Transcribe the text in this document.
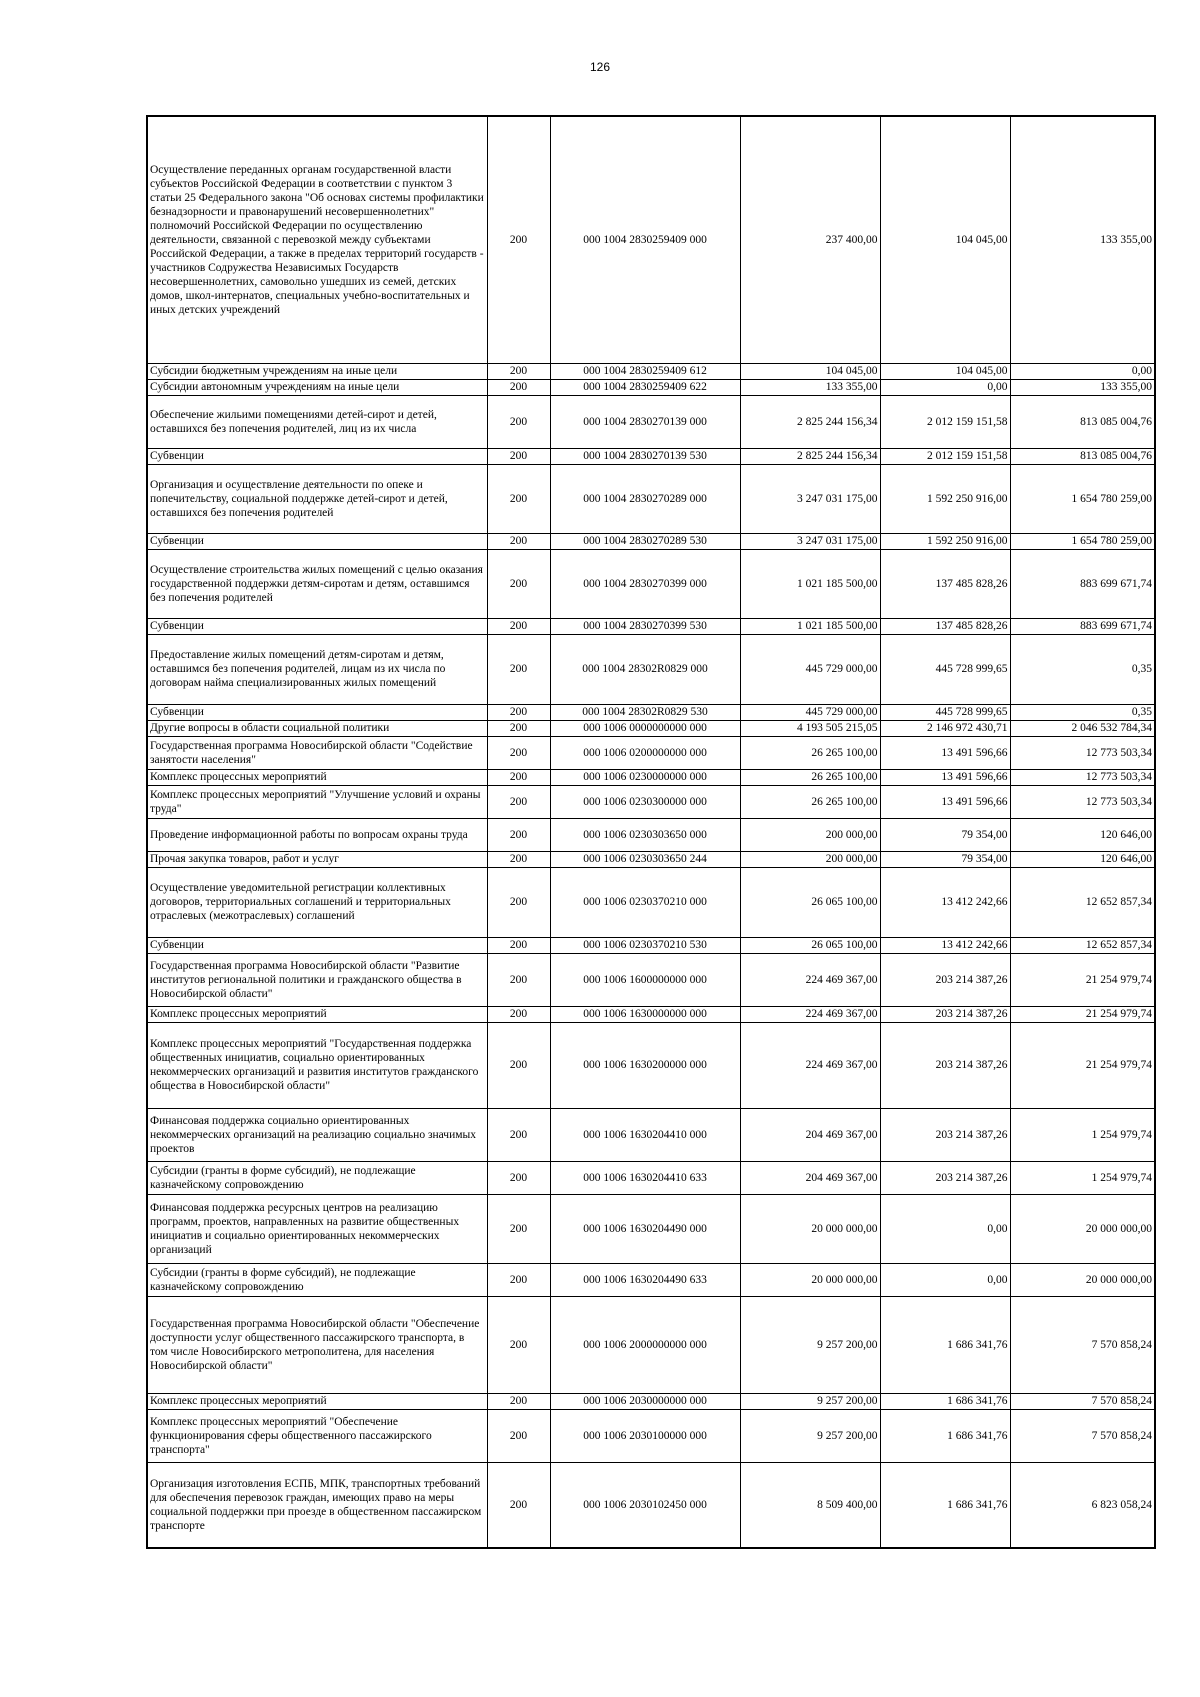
126
Осуществление переданных органам государственной власти субъектов Российской Федерации в соответствии с пунктом 3 статьи 25 Федерального закона "Об основах системы профилактики безнадзорности и правонарушений несовершеннолетних" полномочий Российской Федерации по осуществлению деятельности, связанной с перевозкой между субъектами Российской Федерации, а также в пределах территорий государств - участников Содружества Независимых Государств несовершеннолетних, самовольно ушедших из семей, детских домов, школ-интернатов, специальных учебно-воспитательных и иных детских учреждений	200	000 1004 2830259409 000	237 400,00	104 045,00	133 355,00
Субсидии бюджетным учреждениям на иные цели	200	000 1004 2830259409 612	104 045,00	104 045,00	0,00
Субсидии автономным учреждениям на иные цели	200	000 1004 2830259409 622	133 355,00	0,00	133 355,00
Обеспечение жильими помещениями детей-сирот и детей, оставшихся без попечения родителей, лиц из их числа	200	000 1004 2830270139 000	2 825 244 156,34	2 012 159 151,58	813 085 004,76
Субвенции	200	000 1004 2830270139 530	2 825 244 156,34	2 012 159 151,58	813 085 004,76
Организация и осуществление деятельности по опеке и попечительству, социальной поддержке детей-сирот и детей, оставшихся без попечения родителей	200	000 1004 2830270289 000	3 247 031 175,00	1 592 250 916,00	1 654 780 259,00
Субвенции	200	000 1004 2830270289 530	3 247 031 175,00	1 592 250 916,00	1 654 780 259,00
Осуществление строительства жилых помещений с целью оказания государственной поддержки детям-сиротам и детям, оставшимся без попечения родителей	200	000 1004 2830270399 000	1 021 185 500,00	137 485 828,26	883 699 671,74
Субвенции	200	000 1004 2830270399 530	1 021 185 500,00	137 485 828,26	883 699 671,74
Предоставление жилых помещений детям-сиротам и детям, оставшимся без попечения родителей, лицам из их числа по договорам найма специализированных жилых помещений	200	000 1004 28302R0829 000	445 729 000,00	445 728 999,65	0,35
Субвенции	200	000 1004 28302R0829 530	445 729 000,00	445 728 999,65	0,35
Другие вопросы в области социальной политики	200	000 1006 0000000000 000	4 193 505 215,05	2 146 972 430,71	2 046 532 784,34
Государственная программа Новосибирской области "Содействие занятости населения"	200	000 1006 0200000000 000	26 265 100,00	13 491 596,66	12 773 503,34
Комплекс процессных мероприятий	200	000 1006 0230000000 000	26 265 100,00	13 491 596,66	12 773 503,34
Комплекс процессных мероприятий "Улучшение условий и охраны труда"	200	000 1006 0230300000 000	26 265 100,00	13 491 596,66	12 773 503,34
Проведение информационной работы по вопросам охраны труда	200	000 1006 0230303650 000	200 000,00	79 354,00	120 646,00
Прочая закупка товаров, работ и услуг	200	000 1006 0230303650 244	200 000,00	79 354,00	120 646,00
Осуществление уведомительной регистрации коллективных договоров, территориальных соглашений и территориальных отраслевых (межотраслевых) соглашений	200	000 1006 0230370210 000	26 065 100,00	13 412 242,66	12 652 857,34
Субвенции	200	000 1006 0230370210 530	26 065 100,00	13 412 242,66	12 652 857,34
Государственная программа Новосибирской области "Развитие институтов региональной политики и гражданского общества в Новосибирской области"	200	000 1006 1600000000 000	224 469 367,00	203 214 387,26	21 254 979,74
Комплекс процессных мероприятий	200	000 1006 1630000000 000	224 469 367,00	203 214 387,26	21 254 979,74
Комплекс процессных мероприятий "Государственная поддержка общественных инициатив, социально ориентированных некоммерческих организаций и развития институтов гражданского общества в Новосибирской области"	200	000 1006 1630200000 000	224 469 367,00	203 214 387,26	21 254 979,74
Финансовая поддержка социально ориентированных некоммерческих организаций на реализацию социально значимых проектов	200	000 1006 1630204410 000	204 469 367,00	203 214 387,26	1 254 979,74
Субсидии (гранты в форме субсидий), не подлежащие казначейскому сопровождению	200	000 1006 1630204410 633	204 469 367,00	203 214 387,26	1 254 979,74
Финансовая поддержка ресурсных центров на реализацию программ, проектов, направленных на развитие общественных инициатив и социально ориентированных некоммерческих организаций	200	000 1006 1630204490 000	20 000 000,00	0,00	20 000 000,00
Субсидии (гранты в форме субсидий), не подлежащие казначейскому сопровождению	200	000 1006 1630204490 633	20 000 000,00	0,00	20 000 000,00
Государственная программа Новосибирской области "Обеспечение доступности услуг общественного пассажирского транспорта, в том числе Новосибирского метрополитена, для населения Новосибирской области"	200	000 1006 2000000000 000	9 257 200,00	1 686 341,76	7 570 858,24
Комплекс процессных мероприятий	200	000 1006 2030000000 000	9 257 200,00	1 686 341,76	7 570 858,24
Комплекс процессных мероприятий "Обеспечение функционирования сферы общественного пассажирского транспорта"	200	000 1006 2030100000 000	9 257 200,00	1 686 341,76	7 570 858,24
Организация изготовления ЕСПБ, МПК, транспортных требований для обеспечения перевозок граждан, имеющих право на меры социальной поддержки при проезде в общественном пассажирском транспорте	200	000 1006 2030102450 000	8 509 400,00	1 686 341,76	6 823 058,24
